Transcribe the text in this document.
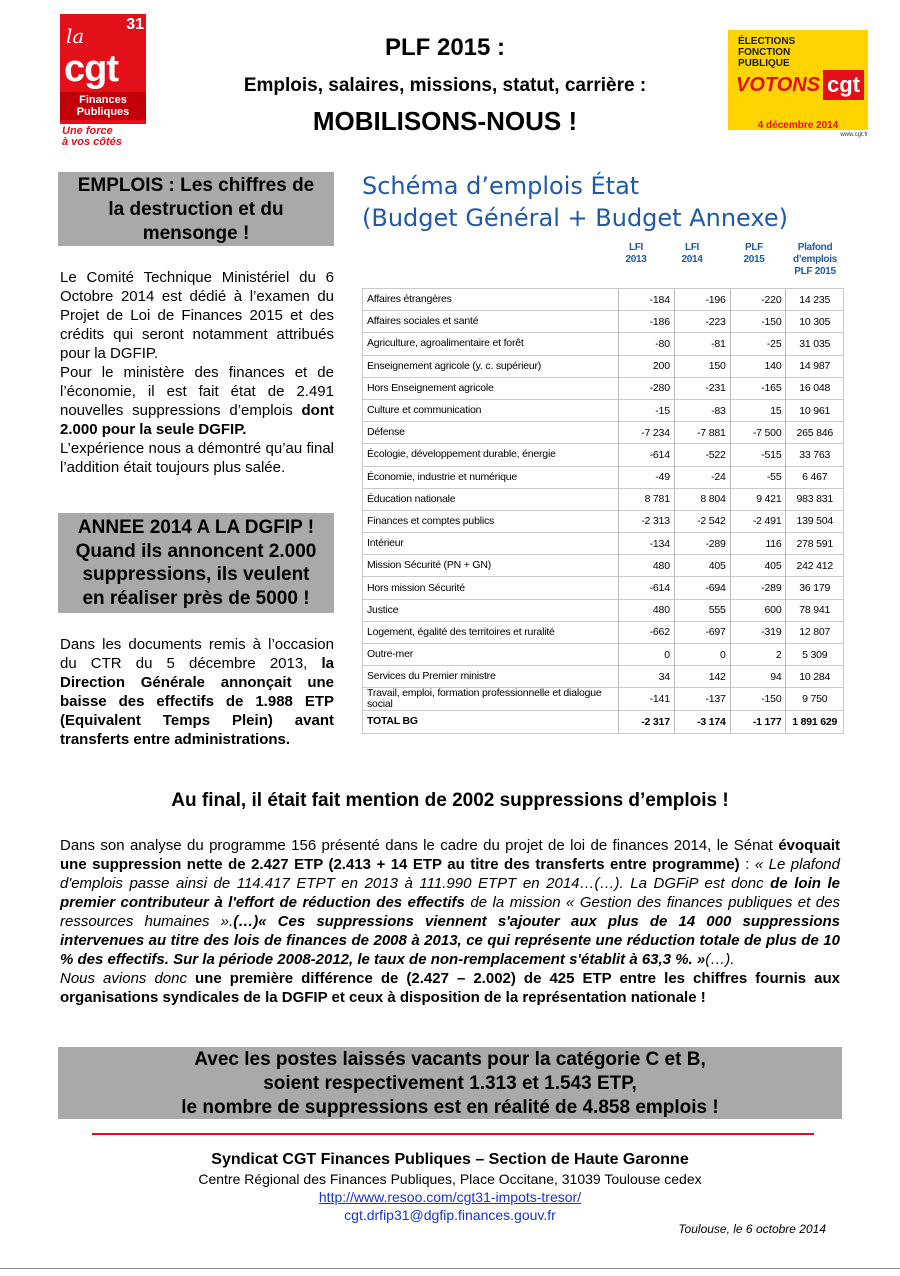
31
la
cgt
Finances
Publiques
Une force
à vos côtés
ÉLECTIONS
FONCTION
PUBLIQUE
VOTONS cgt
4 décembre 2014
www.cgt.fr
PLF 2015 :
Emplois, salaires, missions, statut, carrière :
MOBILISONS-NOUS !
EMPLOIS : Les chiffres de
la destruction et du
mensonge !
Le Comité Technique Ministériel du 6 Octobre 2014 est dédié à l’examen du Projet de Loi de Finances 2015 et des crédits qui seront notamment attribués pour la DGFIP.
Pour le ministère des finances et de l’économie, il est fait état de 2.491 nouvelles suppressions d’emplois dont 2.000 pour la seule DGFIP.
L’expérience nous a démontré qu’au final l’addition était toujours plus salée.
ANNEE 2014 A LA DGFIP !
Quand ils annoncent 2.000
suppressions, ils veulent
en réaliser près de 5000 !
Dans les documents remis à l’occasion du CTR du 5 décembre 2013, la Direction Générale annonçait une baisse des effectifs de 1.988 ETP (Equivalent Temps Plein) avant transferts entre administrations.
Schéma d’emplois État
(Budget Général + Budget Annexe)
LFI
2013
LFI
2014
PLF
2015
Plafond
d’emplois
PLF 2015
Affaires étrangères	-184	-196	-220	14 235
Affaires sociales et santé	-186	-223	-150	10 305
Agriculture, agroalimentaire et forêt	-80	-81	-25	31 035
Enseignement agricole (y. c. supérieur)	200	150	140	14 987
Hors Enseignement agricole	-280	-231	-165	16 048
Culture et communication	-15	-83	15	10 961
Défense	-7 234	-7 881	-7 500	265 846
Écologie, développement durable, énergie	-614	-522	-515	33 763
Économie, industrie et numérique	-49	-24	-55	6 467
Éducation nationale	8 781	8 804	9 421	983 831
Finances et comptes publics	-2 313	-2 542	-2 491	139 504
Intérieur	-134	-289	116	278 591
Mission Sécurité (PN + GN)	480	405	405	242 412
Hors mission Sécurité	-614	-694	-289	36 179
Justice	480	555	600	78 941
Logement, égalité des territoires et ruralité	-662	-697	-319	12 807
Outre-mer	0	0	2	5 309
Services du Premier ministre	34	142	94	10 284
Travail, emploi, formation professionnelle et dialogue social	-141	-137	-150	9 750
TOTAL BG	-2 317	-3 174	-1 177	1 891 629
Au final, il était fait mention de 2002 suppressions d’emplois !
Dans son analyse du programme 156 présenté dans le cadre du projet de loi de finances 2014, le Sénat évoquait une suppression nette de 2.427 ETP (2.413 + 14 ETP au titre des transferts entre programme) : « Le plafond d'emplois passe ainsi de 114.417 ETPT en 2013 à 111.990 ETPT en 2014…(…). La DGFiP est donc de loin le premier contributeur à l'effort de réduction des effectifs de la mission « Gestion des finances publiques et des ressources humaines ».(…)« Ces suppressions viennent s'ajouter aux plus de 14 000 suppressions intervenues au titre des lois de finances de 2008 à 2013, ce qui représente une réduction totale de plus de 10 % des effectifs. Sur la période 2008-2012, le taux de non-remplacement s'établit à 63,3 %. »(…).
Nous avions donc une première différence de (2.427 – 2.002) de 425 ETP entre les chiffres fournis aux organisations syndicales de la DGFIP et ceux à disposition de la représentation nationale !
Avec les postes laissés vacants pour la catégorie C et B,
soient respectivement 1.313 et 1.543 ETP,
le nombre de suppressions est en réalité de 4.858 emplois !
Syndicat CGT Finances Publiques – Section de Haute Garonne
Centre Régional des Finances Publiques, Place Occitane, 31039 Toulouse cedex
http://www.resoo.com/cgt31-impots-tresor/
cgt.drfip31@dgfip.finances.gouv.fr
Toulouse, le 6 octobre 2014
